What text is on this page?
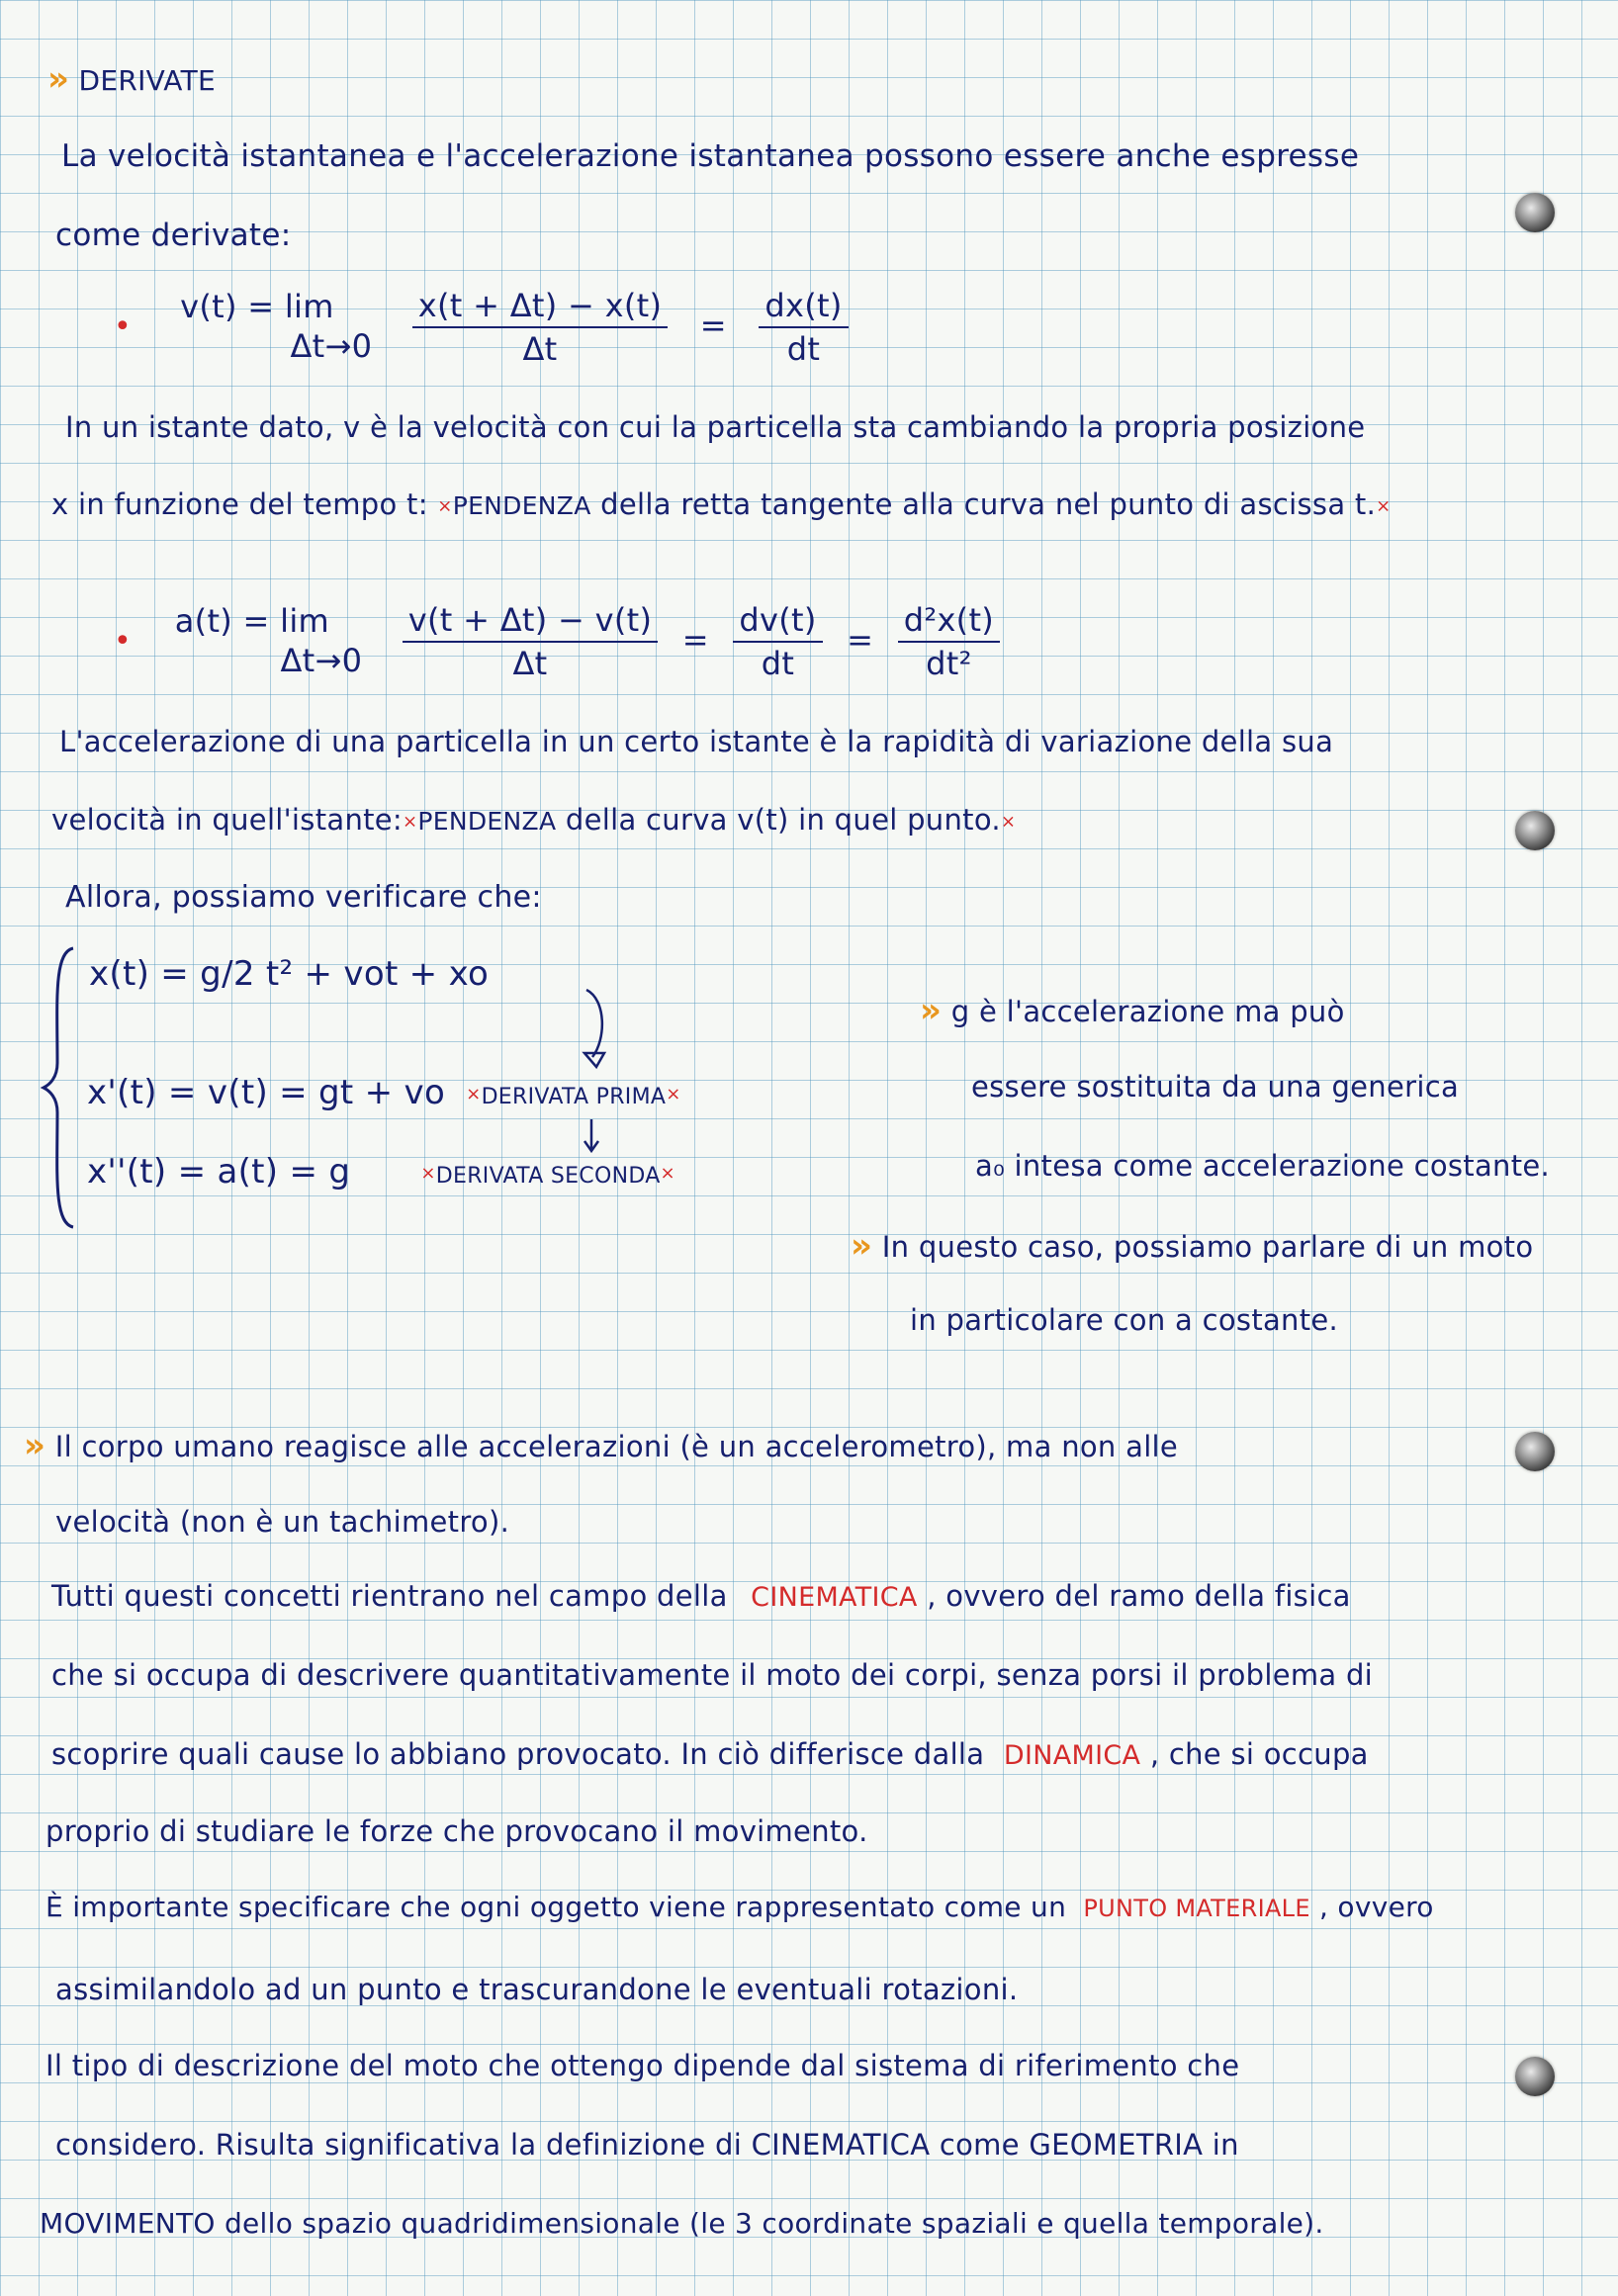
» DERIVATE
La velocità istantanea e l'accelerazione istantanea possono essere anche espresse
come derivate:
• v(t) = lim
$\Delta t\to 0 \frac{x(t + \Delta t) - x(t)}{\Delta t} = \frac{dx(t)}{dt}$
In un istante dato, v è la velocità con cui la particella sta cambiando la propria posizione
x in funzione del tempo t: ×PENDENZA della retta tangente alla curva nel punto di ascissa t.×
• a(t) = lim
$\Delta t\to 0 \frac{v(t + \Delta t) - v(t)}{\Delta t} = \frac{dv(t)}{dt} = \frac{\text{d²x(t)}}{\text{dt²}}$
L'accelerazione di una particella in un certo istante è la rapidità di variazione della sua
velocità in quell'istante:×PENDENZA della curva v(t) in quel punto.×
Allora, possiamo verificare che:
x(t) = g/2 t² + vot + xo
x'(t) = v(t) = gt + vo ×DERIVATA PRIMA×
x''(t) = a(t) = g	×DERIVATA SECONDA×
» g è l'accelerazione ma può
essere sostituita da una generica
a₀ intesa come accelerazione costante.
» In questo caso, possiamo parlare di un moto
in particolare con a costante.
» Il corpo umano reagisce alle accelerazioni (è un accelerometro), ma non alle
velocità (non è un tachimetro).
Tutti questi concetti rientrano nel campo della CINEMATICA , ovvero del ramo della fisica
che si occupa di descrivere quantitativamente il moto dei corpi, senza porsi il problema di
scoprire quali cause lo abbiano provocato. In ciò differisce dalla DINAMICA , che si occupa
proprio di studiare le forze che provocano il movimento.
È importante specificare che ogni oggetto viene rappresentato come un PUNTO MATERIALE , ovvero
assimilandolo ad un punto e trascurandone le eventuali rotazioni.
Il tipo di descrizione del moto che ottengo dipende dal sistema di riferimento che
considero. Risulta significativa la definizione di CINEMATICA come GEOMETRIA in
MOVIMENTO dello spazio quadridimensionale (le 3 coordinate spaziali e quella temporale).
